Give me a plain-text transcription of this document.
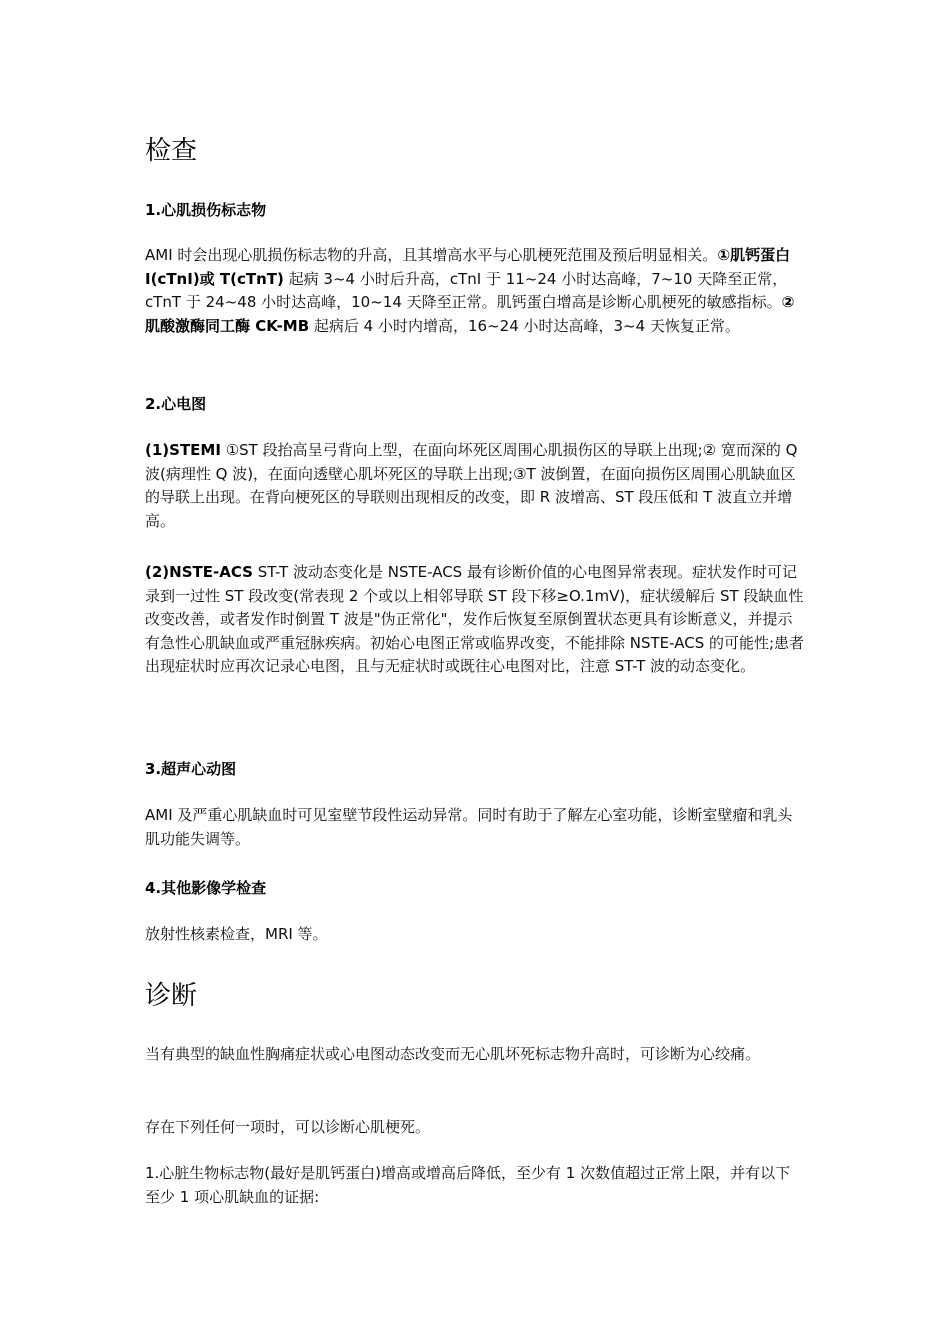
检查
1.心肌损伤标志物
AMI 时会出现心肌损伤标志物的升高，且其增高水平与心肌梗死范围及预后明显相关。①肌钙蛋白 I(cTnI)或 T(cTnT) 起病 3~4 小时后升高，cTnI 于 11~24 小时达高峰，7~10 天降至正常，cTnT 于 24~48 小时达高峰，10~14 天降至正常。肌钙蛋白增高是诊断心肌梗死的敏感指标。②肌酸激酶同工酶 CK-MB 起病后 4 小时内增高，16~24 小时达高峰，3~4 天恢复正常。
2.心电图
(1)STEMI ①ST 段抬高呈弓背向上型，在面向坏死区周围心肌损伤区的导联上出现;② 宽而深的 Q 波(病理性 Q 波)，在面向透壁心肌坏死区的导联上出现;③T 波倒置，在面向损伤区周围心肌缺血区的导联上出现。在背向梗死区的导联则出现相反的改变，即 R 波增高、ST 段压低和 T 波直立并增高。
(2)NSTE-ACS ST-T 波动态变化是 NSTE-ACS 最有诊断价值的心电图异常表现。症状发作时可记录到一过性 ST 段改变(常表现 2 个或以上相邻导联 ST 段下移≥O.1mV)，症状缓解后 ST 段缺血性改变改善，或者发作时倒置 T 波是"伪正常化"，发作后恢复至原倒置状态更具有诊断意义，并提示有急性心肌缺血或严重冠脉疾病。初始心电图正常或临界改变，不能排除 NSTE-ACS 的可能性;患者出现症状时应再次记录心电图，且与无症状时或既往心电图对比，注意 ST-T 波的动态变化。
3.超声心动图
AMI 及严重心肌缺血时可见室壁节段性运动异常。同时有助于了解左心室功能，诊断室壁瘤和乳头肌功能失调等。
4.其他影像学检查
放射性核素检查，MRI 等。
诊断
当有典型的缺血性胸痛症状或心电图动态改变而无心肌坏死标志物升高时，可诊断为心绞痛。
存在下列任何一项时，可以诊断心肌梗死。
1.心脏生物标志物(最好是肌钙蛋白)增高或增高后降低，至少有 1 次数值超过正常上限，并有以下至少 1 项心肌缺血的证据:
